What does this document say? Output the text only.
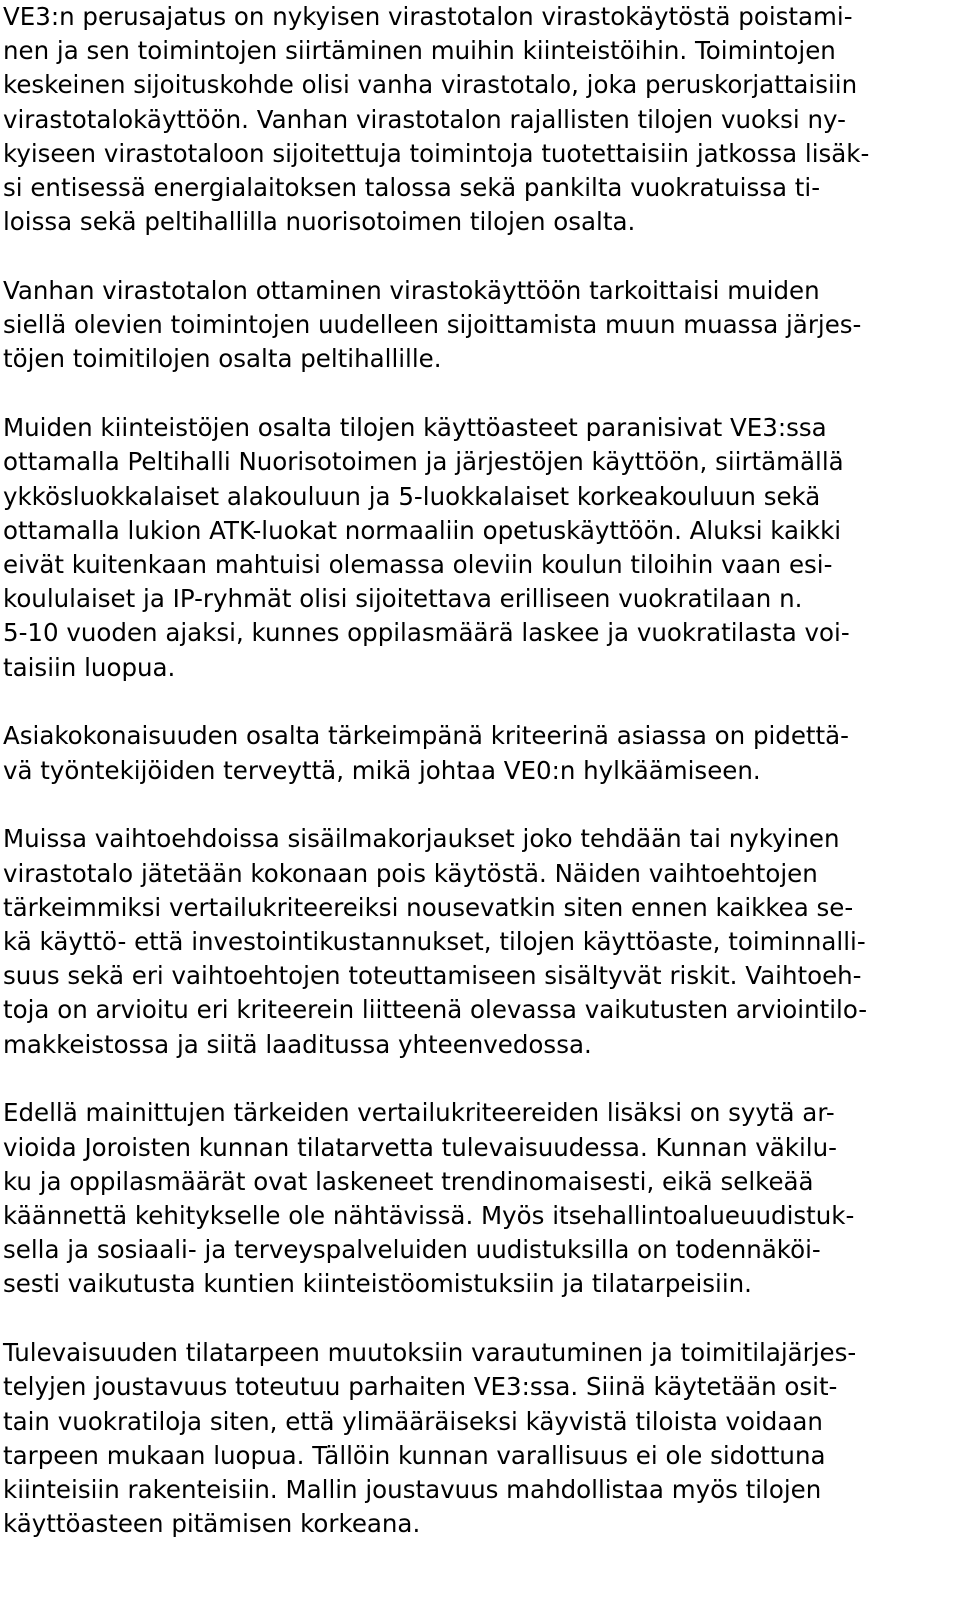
VE3:n perusajatus on nykyisen virastotalon virastokäytöstä poistami-
nen ja sen toimintojen siirtäminen muihin kiinteistöihin. Toimintojen
keskeinen sijoituskohde olisi vanha virastotalo, joka peruskorjattaisiin
virastotalokäyttöön. Vanhan virastotalon rajallisten tilojen vuoksi ny-
kyiseen virastotaloon sijoitettuja toimintoja tuotettaisiin jatkossa lisäk-
si entisessä energialaitoksen talossa sekä pankilta vuokratuissa ti-
loissa sekä peltihallilla nuorisotoimen tilojen osalta.

Vanhan virastotalon ottaminen virastokäyttöön tarkoittaisi muiden
siellä olevien toimintojen uudelleen sijoittamista muun muassa järjes-
töjen toimitilojen osalta peltihallille.

Muiden kiinteistöjen osalta tilojen käyttöasteet paranisivat VE3:ssa
ottamalla Peltihalli Nuorisotoimen ja järjestöjen käyttöön, siirtämällä
ykkösluokkalaiset alakouluun ja 5-luokkalaiset korkeakouluun sekä
ottamalla lukion ATK-luokat normaaliin opetuskäyttöön. Aluksi kaikki
eivät kuitenkaan mahtuisi olemassa oleviin koulun tiloihin vaan esi-
koululaiset ja IP-ryhmät olisi sijoitettava erilliseen vuokratilaan n.
5-10 vuoden ajaksi, kunnes oppilasmäärä laskee ja vuokratilasta voi-
taisiin luopua.

Asiakokonaisuuden osalta tärkeimpänä kriteerinä asiassa on pidettä-
vä työntekijöiden terveyttä, mikä johtaa VE0:n hylkäämiseen.

Muissa vaihtoehdoissa sisäilmakorjaukset joko tehdään tai nykyinen
virastotalo jätetään kokonaan pois käytöstä. Näiden vaihtoehtojen
tärkeimmiksi vertailukriteereiksi nousevatkin siten ennen kaikkea se-
kä käyttö- että investointikustannukset, tilojen käyttöaste, toiminnalli-
suus sekä eri vaihtoehtojen toteuttamiseen sisältyvät riskit. Vaihtoeh-
toja on arvioitu eri kriteerein liitteenä olevassa vaikutusten arviointilo-
makkeistossa ja siitä laaditussa yhteenvedossa.

Edellä mainittujen tärkeiden vertailukriteereiden lisäksi on syytä ar-
vioida Joroisten kunnan tilatarvetta tulevaisuudessa. Kunnan väkilu-
ku ja oppilasmäärät ovat laskeneet trendinomaisesti, eikä selkeää
käännettä kehitykselle ole nähtävissä. Myös itsehallintoalueuudistuk-
sella ja sosiaali- ja terveyspalveluiden uudistuksilla on todennäköi-
sesti vaikutusta kuntien kiinteistöomistuksiin ja tilatarpeisiin.

Tulevaisuuden tilatarpeen muutoksiin varautuminen ja toimitilajärjes-
telyjen joustavuus toteutuu parhaiten VE3:ssa. Siinä käytetään osit-
tain vuokratiloja siten, että ylimääräiseksi käyvistä tiloista voidaan
tarpeen mukaan luopua. Tällöin kunnan varallisuus ei ole sidottuna
kiinteisiin rakenteisiin. Mallin joustavuus mahdollistaa myös tilojen
käyttöasteen pitämisen korkeana.
